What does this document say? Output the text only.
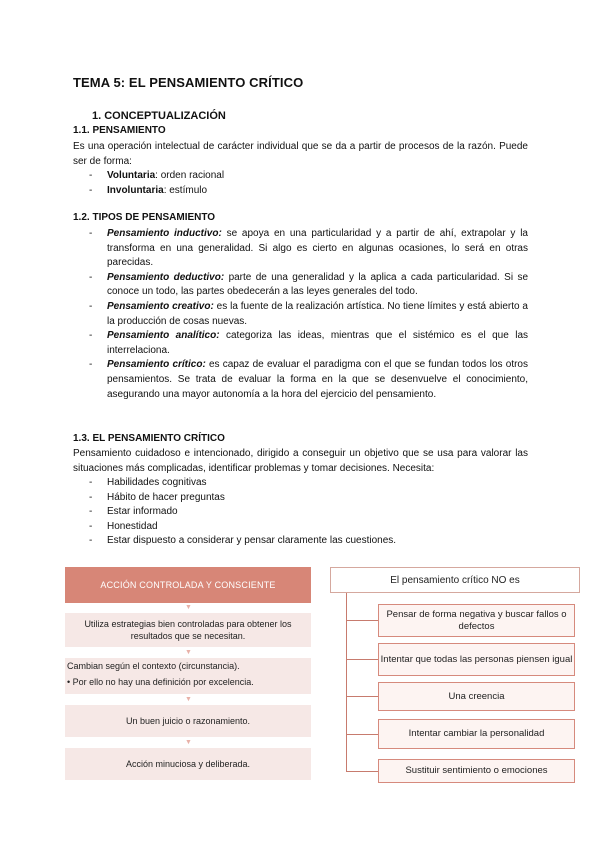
TEMA 5: EL PENSAMIENTO CRÍTICO
1. CONCEPTUALIZACIÓN
1.1. PENSAMIENTO
Es una operación intelectual de carácter individual que se da a partir de procesos de la razón. Puede ser de forma:
- Voluntaria: orden racional
- Involuntaria: estímulo
1.2. TIPOS DE PENSAMIENTO
- Pensamiento inductivo: se apoya en una particularidad y a partir de ahí, extrapolar y la transforma en una generalidad. Si algo es cierto en algunas ocasiones, lo será en otras parecidas.
- Pensamiento deductivo: parte de una generalidad y la aplica a cada particularidad. Si se conoce un todo, las partes obedecerán a las leyes generales del todo.
- Pensamiento creativo: es la fuente de la realización artística. No tiene límites y está abierto a la producción de cosas nuevas.
- Pensamiento analítico: categoriza las ideas, mientras que el sistémico es el que las interrelaciona.
- Pensamiento crítico: es capaz de evaluar el paradigma con el que se fundan todos los otros pensamientos. Se trata de evaluar la forma en la que se desenvuelve el conocimiento, asegurando una mayor autonomía a la hora del ejercicio del pensamiento.
1.3. EL PENSAMIENTO CRÍTICO
Pensamiento cuidadoso e intencionado, dirigido a conseguir un objetivo que se usa para valorar las situaciones más complicadas, identificar problemas y tomar decisiones. Necesita:
- Habilidades cognitivas
- Hábito de hacer preguntas
- Estar informado
- Honestidad
- Estar dispuesto a considerar y pensar claramente las cuestiones.
ACCIÓN CONTROLADA Y CONSCIENTE
▼
Utiliza estrategias bien controladas para obtener los resultados que se necesitan.
▼
Cambian según el contexto (circunstancia).
• Por ello no hay una definición por excelencia.
▼
Un buen juicio o razonamiento.
▼
Acción minuciosa y deliberada.
El pensamiento crítico NO es
Pensar de forma negativa y buscar fallos o defectos
Intentar que todas las personas piensen igual
Una creencia
Intentar cambiar la personalidad
Sustituir sentimiento o emociones
